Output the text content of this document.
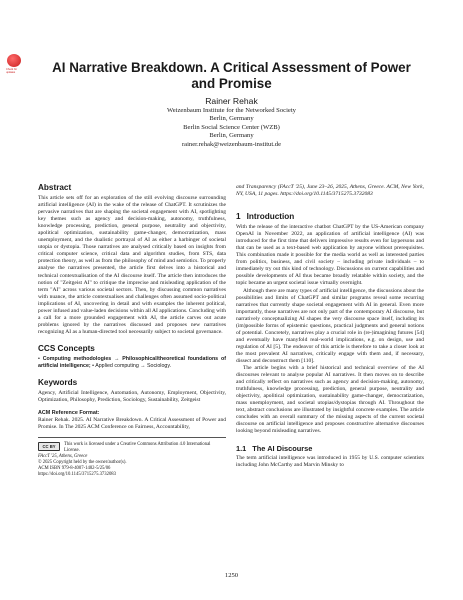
Check for updates	AI Narrative Breakdown. A Critical Assessment of Power and Promise
Rainer Rehak
Weizenbaum Institute for the Networked Society
Berlin, Germany
Berlin Social Science Center (WZB)
Berlin, Germany
rainer.rehak@weizenbaum-institut.de
Abstract

This article sets off for an exploration of the still evolving discourse surrounding artificial intelligence (AI) in the wake of the release of ChatGPT. It scrutinizes the pervasive narratives that are shaping the societal engagement with AI, spotlighting key themes such as agency and decision-making, autonomy, truthfulness, knowledge processing, prediction, general purpose, neutrality and objectivity, apolitical optimization, sustainability game-changer, democratization, mass unemployment, and the dualistic portrayal of AI as either a harbinger of societal utopia or dystopia. Those narratives are analysed critically based on insights from critical computer science, critical data and algorithm studies, from STS, data protection theory, as well as from the philosophy of mind and semiotics. To properly analyse the narratives presented, the article first delves into a historical and technical contextualisation of the AI discourse itself. The article then introduces the notion of "Zeitgeist AI" to critique the imprecise and misleading application of the term "AI" across various societal sectors. Then, by discussing common narratives with nuance, the article contextualises and challenges often assumed socio-political implications of AI, uncovering in detail and with examples the inherent political, power infused and value-laden decisions within all AI applications. Concluding with a call for a more grounded engagement with AI, the article carves out acute problems ignored by the narratives discussed and proposes new narratives recognizing AI as a human-directed tool necessarily subject to societal governance.

CCS Concepts

• Computing methodologies → Philosophical/theoretical foundations of artificial intelligence; • Applied computing → Sociology.

Keywords

Agency, Artificial Intelligence, Automation, Autonomy, Employment, Objectivity, Optimization, Philosophy, Prediction, Sociology, Sustainability, Zeitgeist

ACM Reference Format:

Rainer Rehak. 2025. AI Narrative Breakdown. A Critical Assessment of Power and Promise. In The 2025 ACM Conference on Fairness, Accountability,

CC BY	This work is licensed under a Creative Commons Attribution 4.0 International License.
FAccT '25, Athens, Greece
© 2025 Copyright held by the owner/author(s).
ACM ISBN 979-8-4007-1482-5/25/06
https://doi.org/10.1145/3715275.3732083

and Transparency (FAccT '25), June 23–26, 2025, Athens, Greece. ACM, New York, NY, USA, 11 pages. https://doi.org/10.1145/3715275.3732083

1 Introduction

With the release of the interactive chatbot ChatGPT by the US-American company OpenAI in November 2022, an application of artificial intelligence (AI) was introduced for the first time that delivers impressive results even for laypersons and that can be used as a text-based web application by anyone without prerequisites. This combination made it possible for the media world as well as interested parties from politics, business, and civil society – including private individuals – to immediately try out this kind of technology. Discussions on current capabilities and possible developments of AI thus became broadly relatable within society, and the topic became an urgent societal issue virtually overnight.

Although there are many types of artificial intelligence, the discussions about the possibilities and limits of ChatGPT and similar programs reveal some recurring narratives that currently shape societal engagement with AI in general. Even more importantly, those narratives are not only part of the contemporary AI discourse, but narratively conceptualizing AI shapes the very discourse space itself, including its (im)possible forms of epistemic questions, practical judgments and general notions of potential. Concretely, narratives play a crucial role in (re-)imagining futures [54] and eventually have manyfold real-world implications, e.g. on design, use and regulation of AI [5]. The endeavor of this article is therefore to take a closer look at the most prevalent AI narratives, critically engage with them and, if necessary, dissect and deconstruct them [110].

The article begins with a brief historical and technical overview of the AI discourses relevant to analyse popular AI narratives. It then moves on to describe and critically reflect on narratives such as agency and decision-making, autonomy, truthfulness, knowledge processing, prediction, general purpose, neutrality and objectivity, apolitical optimization, sustainability game-changer, democratization, mass unemployment, and societal utopias/dystopias through AI. Throughout the text, abstract conclusions are illustrated by insightful concrete examples. The article concludes with an overall summary of the missing aspects of the current societal discourse on artificial intelligence and proposes constructive alternative discourses looking beyond misleading narratives.

1.1 The AI Discourse

The term artificial intelligence was introduced in 1955 by U.S. computer scientists including John McCarthy and Marvin Minsky to

1250
